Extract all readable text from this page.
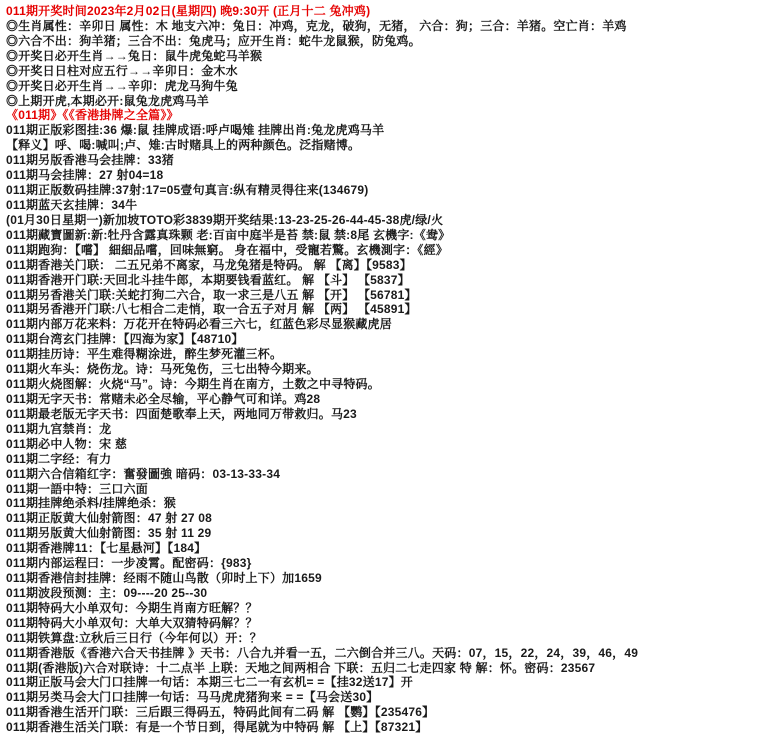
011期开奖时间2023年2月02日(星期四) 晚9:30开 (正月十二 兔冲鸡)
◎生肖属性：辛卯日 属性：木 地支六冲：兔日：冲鸡，克龙，破狗，无猪， 六合：狗；三合：羊猪。空亡肖：羊鸡
◎六合不出：狗羊猪；三合不出：兔虎马；应开生肖：蛇牛龙鼠猴，防兔鸡。
◎开奖日必开生肖→→兔日：鼠牛虎兔蛇马羊猴
◎开奖日日柱对应五行→→辛卯日：金木水
◎开奖日必开生肖→→辛卯：虎龙马狗牛兔
◎上期开虎,本期必开:鼠兔龙虎鸡马羊
《011期》《《香港掛牌之全篇》》
011期正版彩图挂:36 爆:鼠 挂牌成语:呼卢喝雉 挂牌出肖:兔龙虎鸡马羊
【释义】呼、喝:喊叫;卢、雉:古时赌具上的两种颜色。泛指赌博。
011期另版香港马会挂牌：33猪
011期马会挂牌：27 射04=18
011期正版数码挂牌:37射:17=05壹句真言:纵有精灵得往来(134679)
011期蓝天玄挂牌：34牛
(01月30日星期一)新加坡TOTO彩3839期开奖结果:13-23-25-26-44-45-38虎/绿/火
011期藏寶圖新:新:牡丹含露真珠颗 老:百亩中庭半是苔 禁:鼠 禁:8尾 玄機字:《鸯》
011期跑狗：【嚐】 細細品嚐，回味無窮。 身在福中，受寵若驚。玄機測字：《經》
011期香港关门联： 二五兄弟不离家，马龙兔猪是特码。 解 【离】【9583】
011期香港开门联:天回北斗挂牛郎，本期要钱看蓝红。 解 【斗】 【5837】
011期另香港关门联:关蛇打狗二六合，取一求三是八五 解 【开】 【56781】
011期另香港开门联:八七相合二走悄，取一合五子对月 解 【两】 【45891】
011期内部万花来料：万花开在特码必看三六七，红蓝色彩尽显猴藏虎居
011期台湾玄门挂牌：【四海为家】【48710】
011期挂历诗：平生难得糊涂进，醉生梦死灌三杯。
011期火车头：烧伤龙。诗：马死兔伤，三七出特今期来。
011期火烧图解：火烧“马”。诗：今期生肖在南方，土数之中寻特码。
011期无字天书：常赌未必全尽输，平心静气可和详。鸡28
011期最老版无字天书：四面楚歌奉上天，两地同万带救归。马23
011期九宫禁肖：龙
011期必中人物：宋 慈
011期二字经：有力
011期六合信箱红字：奮發圖強 暗码：03-13-33-34
011期一語中特：三口六面
011期挂牌绝杀料/挂牌绝杀：猴
011期正版黄大仙射箭图：47 射 27 08
011期另版黄大仙射箭图：35 射 11 29
011期香港牌11：【七星悬河】【184】
011期内部运程曰：一步凌霄。配密码：{983}
011期香港信封挂牌：经雨不随山鸟散（卯时上下）加1659
011期波段预测：主：09----20 25--30
011期特码大小单双句：今期生肖南方旺解？？
011期特码大小单双句：大单大双猜特码解？？
011期铁算盘:立秋后三日行（今年何以）开：？
011期香港版《香港六合天书挂牌 》天书：八合九并看一五，二六倒合并三八。天码：07，15，22，24，39，46，49
011期(香港版)六合对联诗：十二点半 上联：天地之间两相合 下联：五归二七走四家 特 解：怀。密码：23567
011期正版马会大门口挂牌一句话：本期三七二一有玄机= =【挂32送17】开
011期另类马会大门口挂牌一句话：马马虎虎猪狗来 = =【马会送30】
011期香港生活开门联：三后跟三得码五，特码此间有二码 解 【鹦】【235476】
011期香港生活关门联：有是一个节日到，得尾就为中特码 解 【上】【87321】
